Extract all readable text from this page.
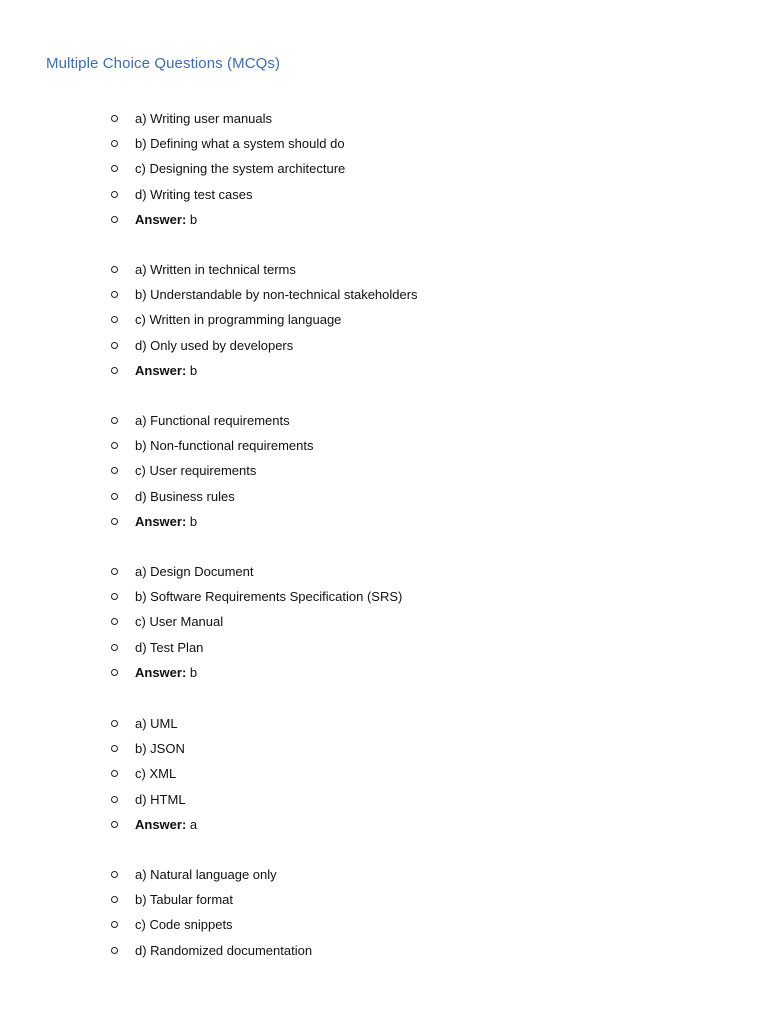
Multiple Choice Questions (MCQs)
a) Writing user manuals
b) Defining what a system should do
c) Designing the system architecture
d) Writing test cases
Answer: b
a) Written in technical terms
b) Understandable by non-technical stakeholders
c) Written in programming language
d) Only used by developers
Answer: b
a) Functional requirements
b) Non-functional requirements
c) User requirements
d) Business rules
Answer: b
a) Design Document
b) Software Requirements Specification (SRS)
c) User Manual
d) Test Plan
Answer: b
a) UML
b) JSON
c) XML
d) HTML
Answer: a
a) Natural language only
b) Tabular format
c) Code snippets
d) Randomized documentation
